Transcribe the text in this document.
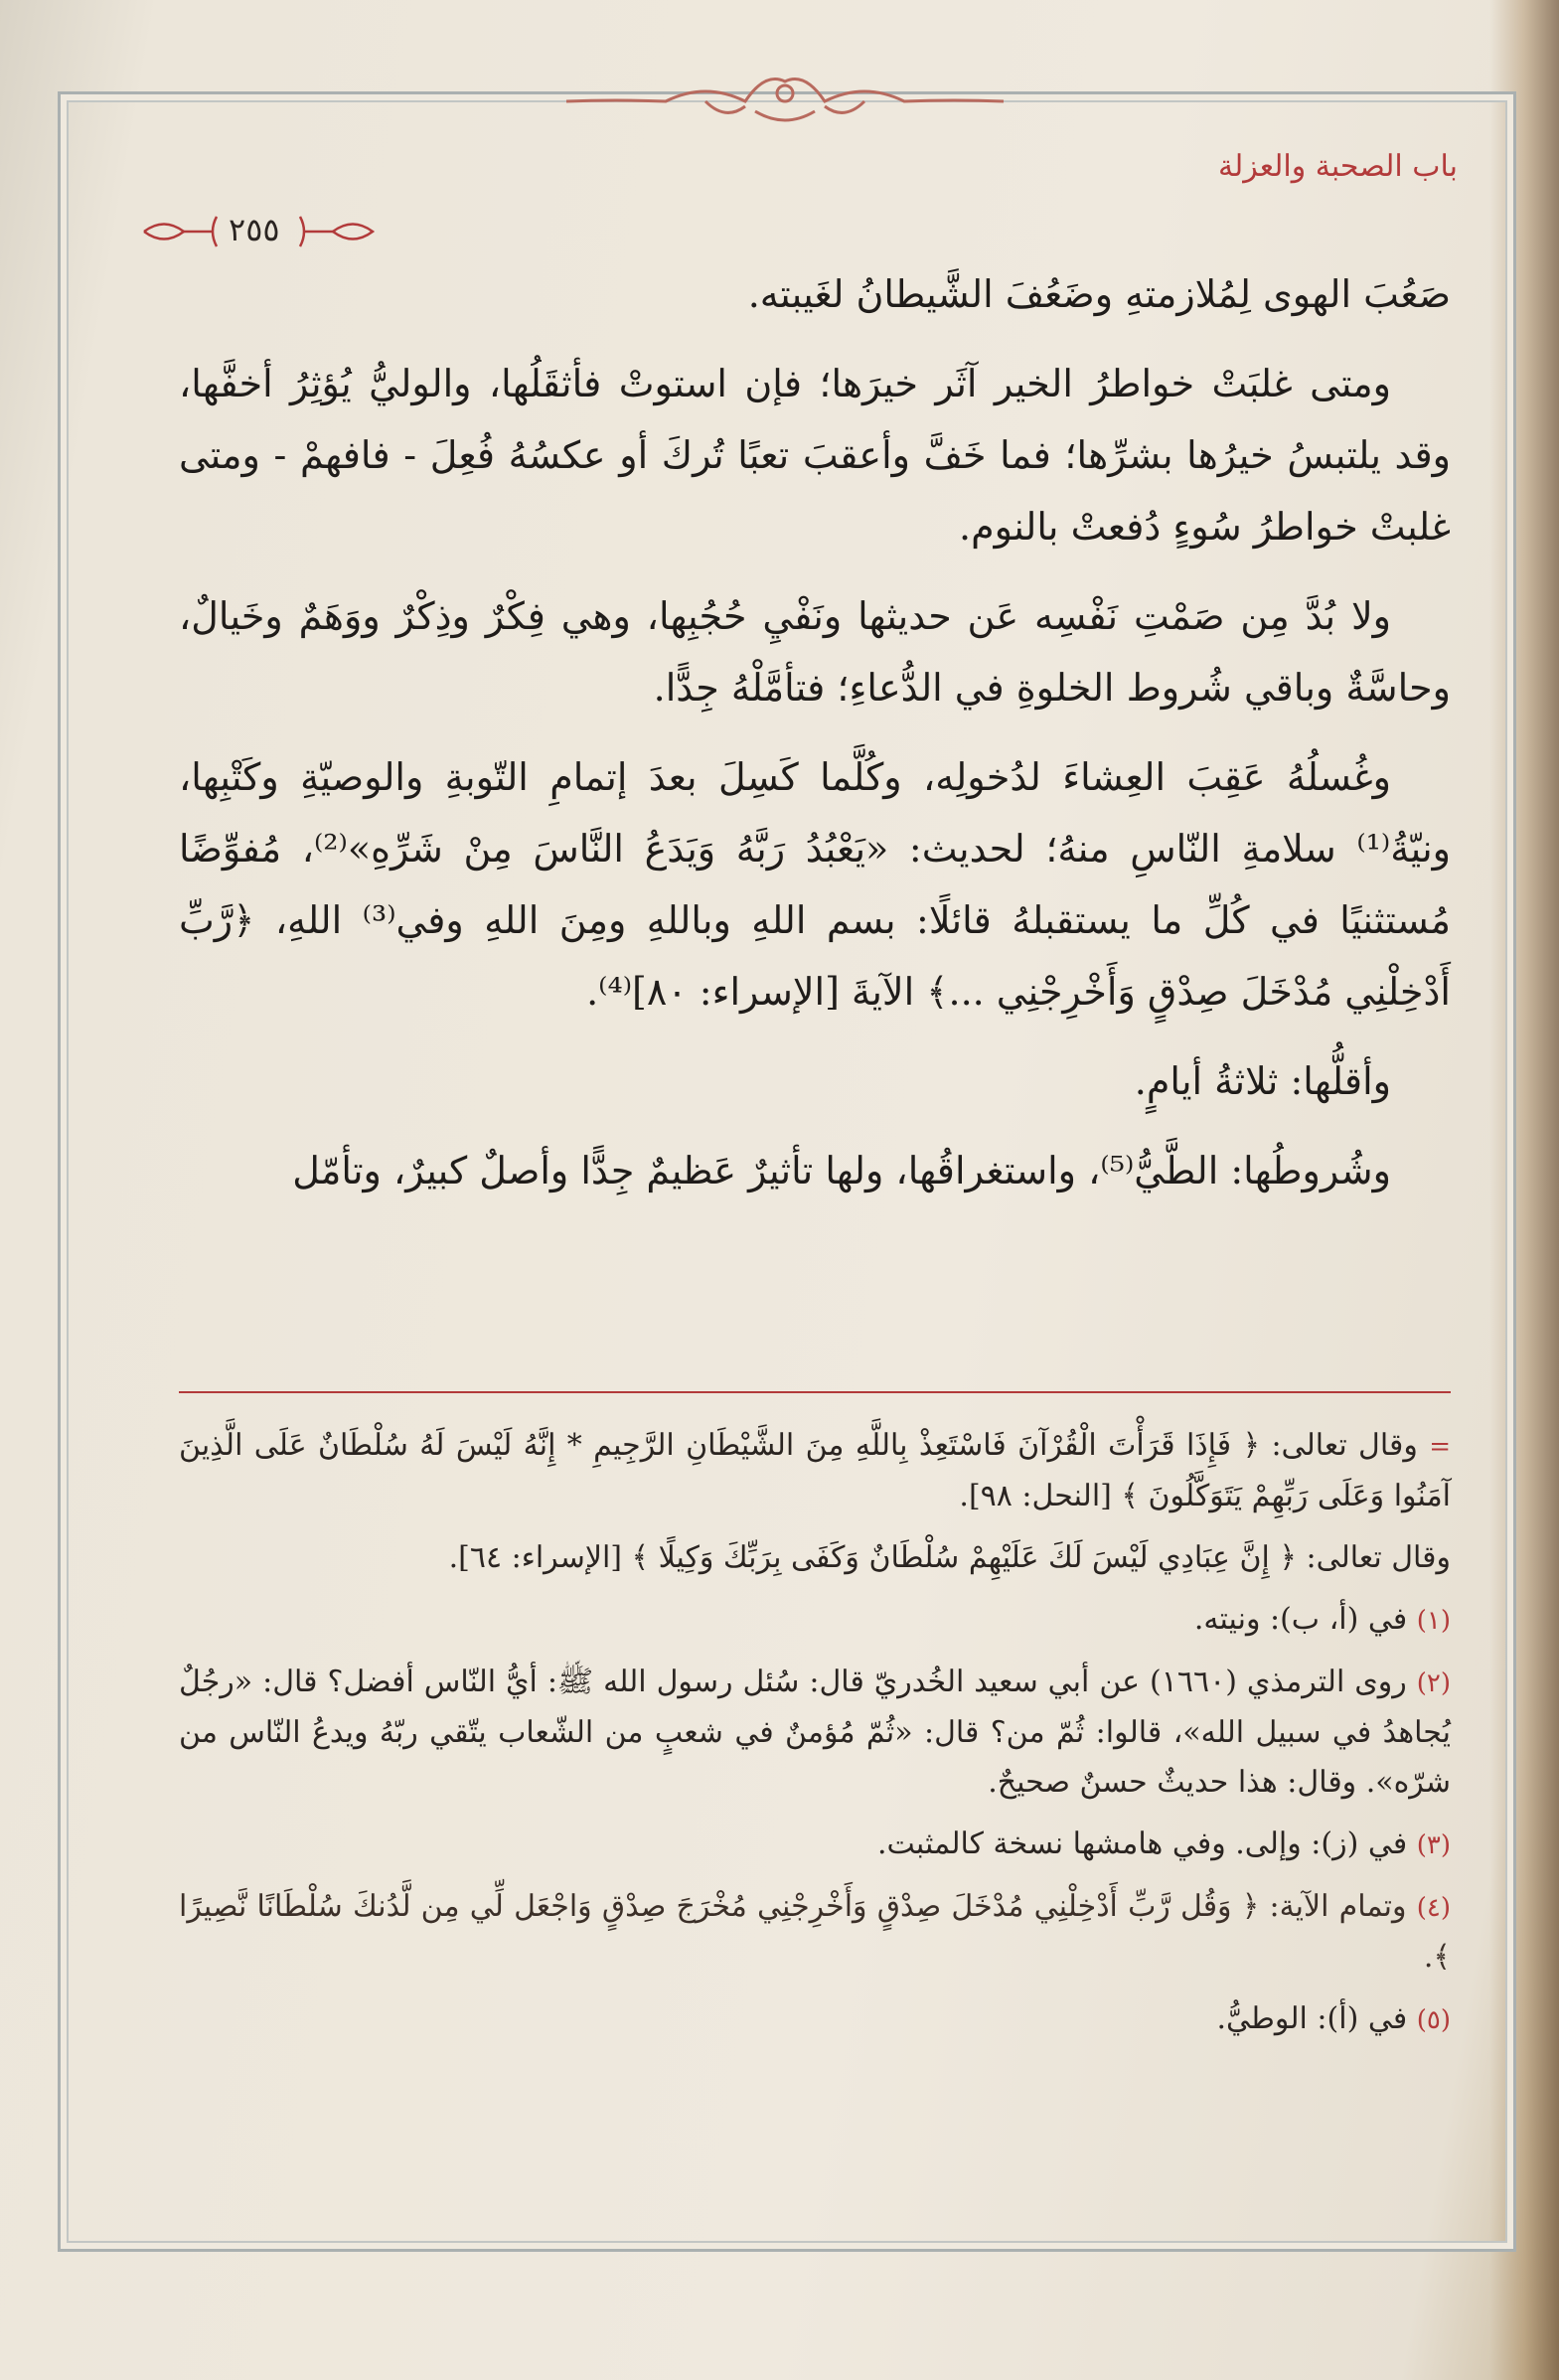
باب الصحبة والعزلة
٢٥٥

صَعُبَ الهوى لِمُلازمتهِ وضَعُفَ الشَّيطانُ لغَيبته.

ومتى غلبَتْ خواطرُ الخير آثَر خيرَها؛ فإن استوتْ فأثقَلُها، والوليُّ يُؤثِرُ أخفَّها، وقد يلتبسُ خيرُها بشرِّها؛ فما خَفَّ وأعقبَ تعبًا تُركَ أو عكسُهُ فُعِلَ - فافهمْ - ومتى غلبتْ خواطرُ سُوءٍ دُفعتْ بالنوم.

ولا بُدَّ مِن صَمْتِ نَفْسِه عَن حديثها ونَفْيِ حُجُبِها، وهي فِكْرٌ وذِكْرٌ ووَهَمٌ وخَيالٌ، وحاسَّةٌ وباقي شُروط الخلوةِ في الدُّعاءِ؛ فتأمَّلْهُ جِدًّا.

وغُسلُهُ عَقِبَ العِشاءَ لدُخولِه، وكُلَّما كَسِلَ بعدَ إتمامِ التّوبةِ والوصيّةِ وكَتْبِها، ونيّةُ⁽¹⁾ سلامةِ النّاسِ منهُ؛ لحديث: «يَعْبُدُ رَبَّهُ وَيَدَعُ النَّاسَ مِنْ شَرِّهِ»⁽²⁾، مُفوِّضًا مُستثنيًا في كُلِّ ما يستقبلهُ قائلًا: بسم اللهِ وباللهِ ومِنَ اللهِ وفي⁽³⁾ اللهِ، ﴿رَّبِّ أَدْخِلْنِي مُدْخَلَ صِدْقٍ وَأَخْرِجْنِي ...﴾ الآيةَ [الإسراء: ٨٠]⁽⁴⁾.

وأقلُّها: ثلاثةُ أيامٍ.

وشُروطُها: الطَّيُّ⁽⁵⁾، واستغراقُها، ولها تأثيرٌ عَظيمٌ جِدًّا وأصلٌ كبيرٌ، وتأمّل

= وقال تعالى: ﴿ فَإِذَا قَرَأْتَ الْقُرْآنَ فَاسْتَعِذْ بِاللَّهِ مِنَ الشَّيْطَانِ الرَّجِيمِ * إِنَّهُ لَيْسَ لَهُ سُلْطَانٌ عَلَى الَّذِينَ آمَنُوا وَعَلَى رَبِّهِمْ يَتَوَكَّلُونَ ﴾ [النحل: ٩٨].

وقال تعالى: ﴿ إِنَّ عِبَادِي لَيْسَ لَكَ عَلَيْهِمْ سُلْطَانٌ وَكَفَى بِرَبِّكَ وَكِيلًا ﴾ [الإسراء: ٦٤].

(١) في (أ، ب): ونيته.

(٢) روى الترمذي (١٦٦٠) عن أبي سعيد الخُدريّ قال: سُئل رسول الله ﷺ: أيُّ النّاس أفضل؟ قال: «رجُلٌ يُجاهدُ في سبيل الله»، قالوا: ثُمّ من؟ قال: «ثُمّ مُؤمنٌ في شعبٍ من الشّعاب يتّقي ربّهُ ويدعُ النّاس من شرّه». وقال: هذا حديثٌ حسنٌ صحيحٌ.

(٣) في (ز): وإلى. وفي هامشها نسخة كالمثبت.

(٤) وتمام الآية: ﴿ وَقُل رَّبِّ أَدْخِلْنِي مُدْخَلَ صِدْقٍ وَأَخْرِجْنِي مُخْرَجَ صِدْقٍ وَاجْعَل لِّي مِن لَّدُنكَ سُلْطَانًا نَّصِيرًا ﴾.

(٥) في (أ): الوطيُّ.
